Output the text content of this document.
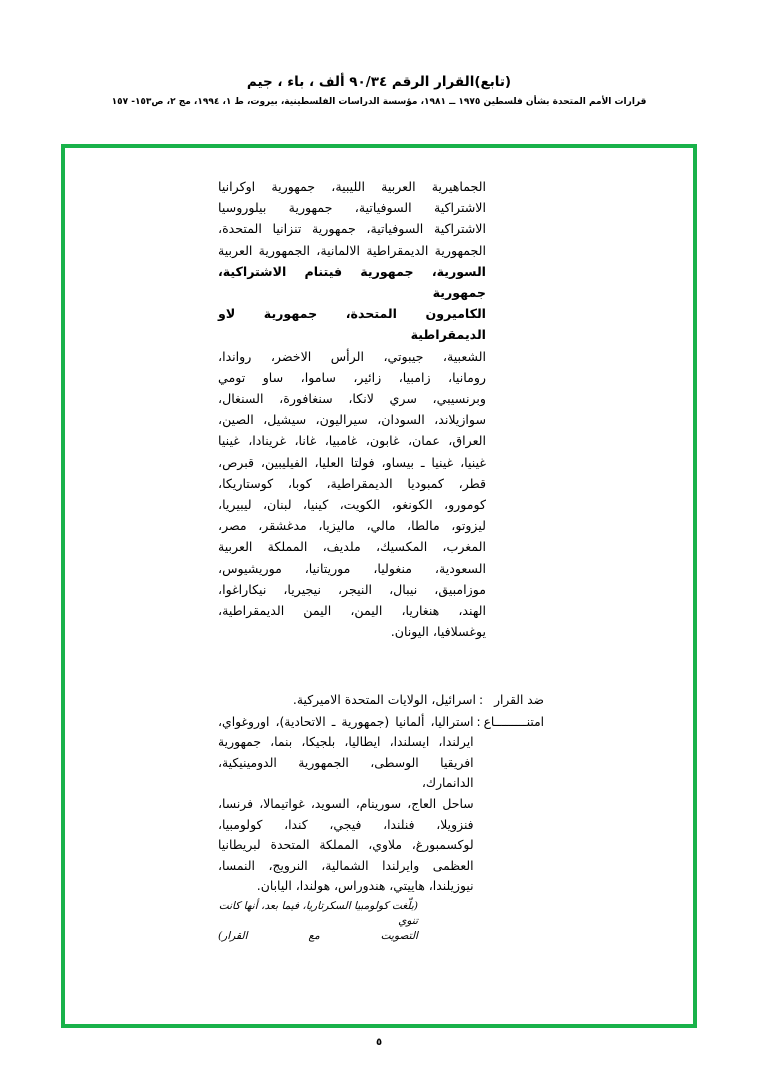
(تابع)القرار الرقم ٩٠/٣٤ ألف ، باء ، جيم
قرارات الأمم المتحدة بشأن فلسطين ١٩٧٥ ــ ١٩٨١، مؤسسة الدراسات الفلسطينية، بيروت، ط ١، ١٩٩٤، مج ٢، ص١٥٣- ١٥٧
الجماهيرية العربية الليبية، جمهورية اوكرانيا
الاشتراكية السوفياتية، جمهورية بيلوروسيا
الاشتراكية السوفياتية، جمهورية تنزانيا المتحدة،
الجمهورية الديمقراطية الالمانية، الجمهورية العربية
السورية، جمهورية فيتنام الاشتراكية، جمهورية
الكاميرون المتحدة، جمهورية لاو الديمقراطية
الشعبية، جيبوتي، الرأس الاخضر، رواندا،
رومانيا، زامبيا، زائير، ساموا، ساو تومي
وبرنسيبي، سري لانكا، سنغافورة، السنغال،
سوازيلاند، السودان، سيراليون، سيشيل، الصين،
العراق، عمان، غابون، غامبيا، غانا، غرينادا، غينيا
غينيا، غينيا ـ بيساو، فولتا العليا، الفيليبين، قبرص،
قطر، كمبوديا الديمقراطية، كوبا، كوستاريكا،
كومورو، الكونغو، الكويت، كينيا، لبنان، ليبيريا،
ليزوتو، مالطا، مالي، ماليزيا، مدغشقر، مصر،
المغرب، المكسيك، ملديف، المملكة العربية
السعودية، منغوليا، موريتانيا، موريشيوس،
موزامبيق، نيبال، النيجر، نيجيريا، نيكاراغوا،
الهند، هنغاريا، اليمن، اليمن الديمقراطية،
يوغسلافيا، اليونان.
ضد القرار
:
اسرائيل، الولايات المتحدة الاميركية.
امتنـــــــــاع
:
استراليا، ألمانيا (جمهورية ـ الاتحادية)، اوروغواي،
ايرلندا، ايسلندا، ايطاليا، بلجيكا، بنما، جمهورية
افريقيا الوسطى، الجمهورية الدومينيكية، الدانمارك،
ساحل العاج، سورينام، السويد، غواتيمالا، فرنسا،
فنزويلا، فنلندا، فيجي، كندا، كولومبيا،
لوكسمبورغ، ملاوي، المملكة المتحدة لبريطانيا
العظمى وايرلندا الشمالية، النرويج، النمسا،
نيوزيلندا، هاييتي، هندوراس، هولندا، اليابان.
(بلّغت كولومبيا السكرتاريا، فيما بعد، أنها كانت تنوي
التصويت مع القرار)
٥
